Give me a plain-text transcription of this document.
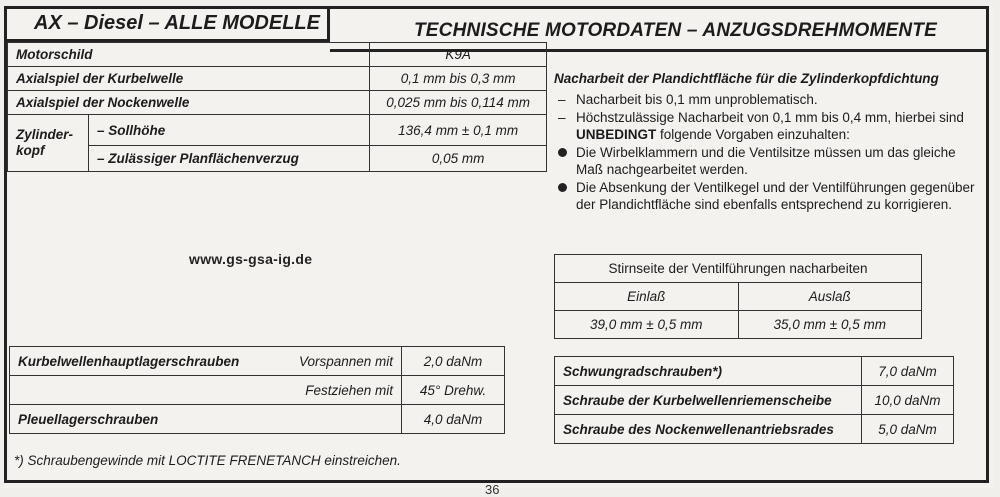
AX – Diesel – ALLE MODELLE	TECHNISCHE MOTORDATEN – ANZUGSDREHMOMENTE
Motorschild		K9A
Axialspiel der Kurbelwelle		0,1 mm bis 0,3 mm
Axialspiel der Nockenwelle		0,025 mm bis 0,114 mm
Zylinder-kopf	– Sollhöhe	136,4 mm ± 0,1 mm
	– Zulässiger Planflächenverzug	0,05 mm
Nacharbeit der Plandichtfläche für die Zylinderkopfdichtung
– Nacharbeit bis 0,1 mm unproblematisch.
– Höchstzulässige Nacharbeit von 0,1 mm bis 0,4 mm, hierbei sind UNBEDINGT folgende Vorgaben einzuhalten:
Die Wirbelklammern und die Ventilsitze müssen um das gleiche Maß nachgearbeitet werden.
Die Absenkung der Ventilkegel und der Ventilführungen gegenüber der Plandichtfläche sind ebenfalls entsprechend zu korrigieren.
Stirnseite der Ventilführungen nacharbeiten	
Einlaß	Auslaß
39,0 mm ± 0,5 mm	35,0 mm ± 0,5 mm
www.gs-gsa-ig.de
Kurbelwellenhauptlagerschrauben	Vorspannen mit	2,0 daNm
	Festziehen mit	45° Drehw.
Pleuellagerschrauben		4,0 daNm
Schwungradschrauben*)	7,0 daNm
Schraube der Kurbelwellenriemenscheibe	10,0 daNm
Schraube des Nockenwellenantriebsrades	5,0 daNm
*) Schraubengewinde mit LOCTITE FRENETANCH einstreichen.
36
